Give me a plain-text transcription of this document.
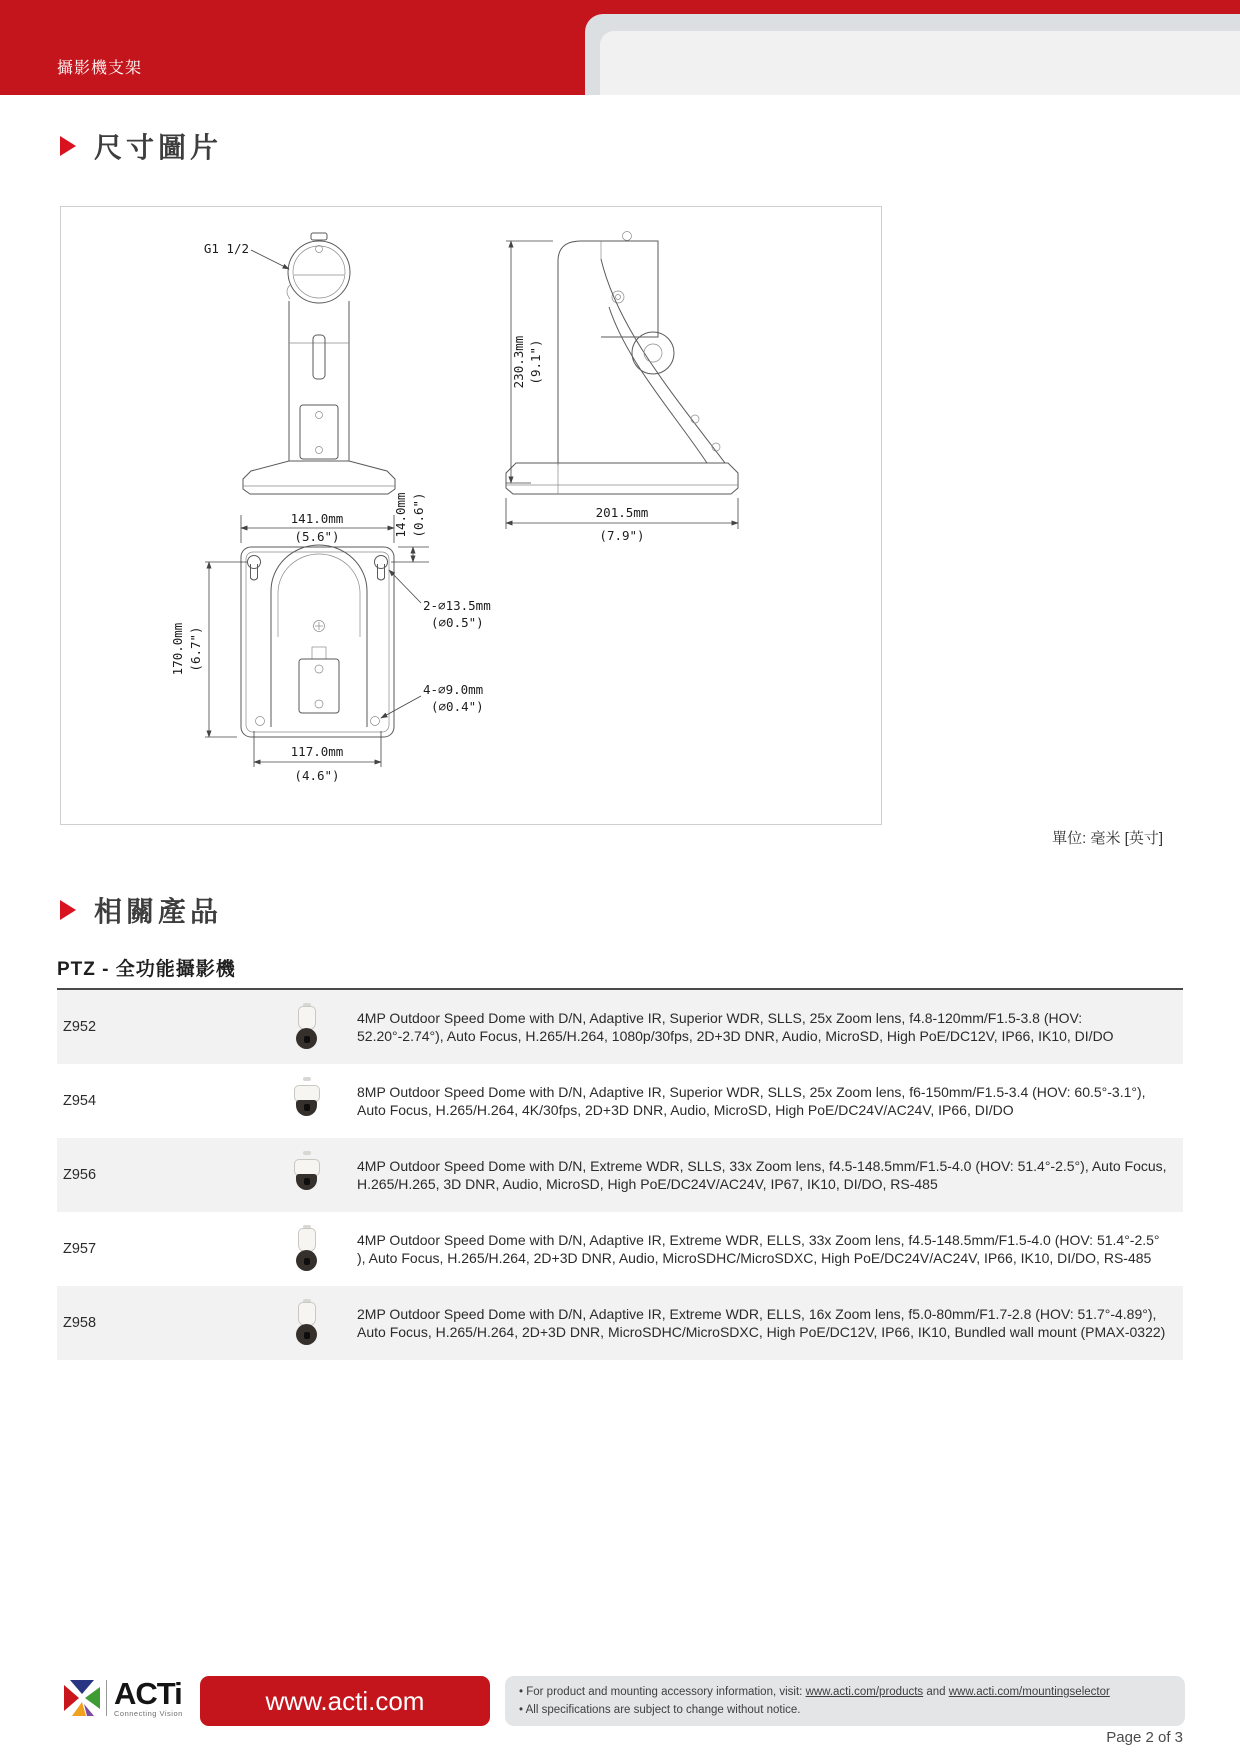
攝影機支架
尺寸圖片
G1 1/2
230.3mm (9.1")
201.5mm
(7.9")
141.0mm
(5.6")	14.0mm (0.6")
170.0mm (6.7")
2-⌀13.5mm
(⌀0.5")
4-⌀9.0mm
(⌀0.4")
117.0mm
(4.6")
單位: 毫米 [英寸]
相關產品
PTZ - 全功能攝影機
Z952
4MP Outdoor Speed Dome with D/N, Adaptive IR, Superior WDR, SLLS, 25x Zoom lens, f4.8-120mm/F1.5-3.8 (HOV: 52.20°-2.74°), Auto Focus, H.265/H.264, 1080p/30fps, 2D+3D DNR, Audio, MicroSD, High PoE/DC12V, IP66, IK10, DI/DO
Z954
8MP Outdoor Speed Dome with D/N, Adaptive IR, Superior WDR, SLLS, 25x Zoom lens, f6-150mm/F1.5-3.4 (HOV: 60.5°-3.1°), Auto Focus, H.265/H.264, 4K/30fps, 2D+3D DNR, Audio, MicroSD, High PoE/DC24V/AC24V, IP66, DI/DO
Z956
4MP Outdoor Speed Dome with D/N, Extreme WDR, SLLS, 33x Zoom lens, f4.5-148.5mm/F1.5-4.0 (HOV: 51.4°-2.5°), Auto Focus, H.265/H.265, 3D DNR, Audio, MicroSD, High PoE/DC24V/AC24V, IP67, IK10, DI/DO, RS-485
Z957
4MP Outdoor Speed Dome with D/N, Adaptive IR, Extreme WDR, ELLS, 33x Zoom lens, f4.5-148.5mm/F1.5-4.0 (HOV: 51.4°-2.5° ), Auto Focus, H.265/H.264, 2D+3D DNR, Audio, MicroSDHC/MicroSDXC, High PoE/DC24V/AC24V, IP66, IK10, DI/DO, RS-485
Z958
2MP Outdoor Speed Dome with D/N, Adaptive IR, Extreme WDR, ELLS, 16x Zoom lens, f5.0-80mm/F1.7-2.8 (HOV: 51.7°-4.89°), Auto Focus, H.265/H.264, 2D+3D DNR, MicroSDHC/MicroSDXC, High PoE/DC12V, IP66, IK10, Bundled wall mount (PMAX-0322)
ACTi
Connecting Vision	www.acti.com	• For product and mounting accessory information, visit: www.acti.com/products and www.acti.com/mountingselector
• All specifications are subject to change without notice.
Page 2 of 3
